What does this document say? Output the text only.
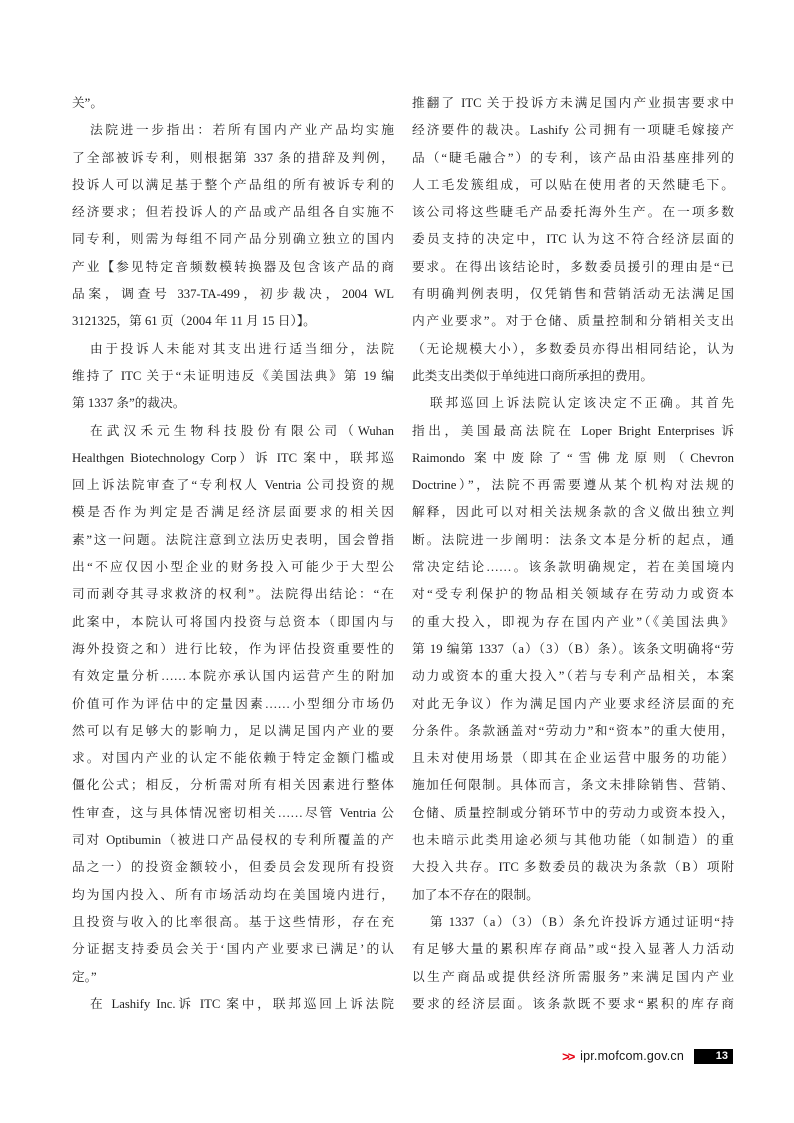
关”。
法院进一步指出：若所有国内产业产品均实施
了全部被诉专利，则根据第 337 条的措辞及判例，
投诉人可以满足基于整个产品组的所有被诉专利的
经济要求；但若投诉人的产品或产品组各自实施不
同专利，则需为每组不同产品分别确立独立的国内
产业【参见特定音频数模转换器及包含该产品的商
品案，调查号 337-TA-499，初步裁决，2004 WL
3121325，第 61 页（2004 年 11 月 15 日）】。
由于投诉人未能对其支出进行适当细分，法院
维持了 ITC 关于“未证明违反《美国法典》第 19 编
第 1337 条”的裁决。
在武汉禾元生物科技股份有限公司（Wuhan
Healthgen Biotechnology Corp）诉 ITC 案中，联邦巡
回上诉法院审查了“专利权人 Ventria 公司投资的规
模是否作为判定是否满足经济层面要求的相关因
素”这一问题。法院注意到立法历史表明，国会曾指
出“不应仅因小型企业的财务投入可能少于大型公
司而剥夺其寻求救济的权利”。法院得出结论：“在
此案中，本院认可将国内投资与总资本（即国内与
海外投资之和）进行比较，作为评估投资重要性的
有效定量分析……本院亦承认国内运营产生的附加
价值可作为评估中的定量因素……小型细分市场仍
然可以有足够大的影响力，足以满足国内产业的要
求。对国内产业的认定不能依赖于特定金额门槛或
僵化公式；相反，分析需对所有相关因素进行整体
性审查，这与具体情况密切相关……尽管 Ventria 公
司对 Optibumin（被进口产品侵权的专利所覆盖的产
品之一）的投资金额较小，但委员会发现所有投资
均为国内投入、所有市场活动均在美国境内进行，
且投资与收入的比率很高。基于这些情形，存在充
分证据支持委员会关于‘国内产业要求已满足’的认
定。”
在 Lashify Inc.诉 ITC 案中，联邦巡回上诉法院
推翻了 ITC 关于投诉方未满足国内产业损害要求中
经济要件的裁决。Lashify 公司拥有一项睫毛嫁接产
品（“睫毛融合”）的专利，该产品由沿基座排列的
人工毛发簇组成，可以贴在使用者的天然睫毛下。
该公司将这些睫毛产品委托海外生产。在一项多数
委员支持的决定中，ITC 认为这不符合经济层面的
要求。在得出该结论时，多数委员援引的理由是“已
有明确判例表明，仅凭销售和营销活动无法满足国
内产业要求”。对于仓储、质量控制和分销相关支出
（无论规模大小），多数委员亦得出相同结论，认为
此类支出类似于单纯进口商所承担的费用。
联邦巡回上诉法院认定该决定不正确。其首先
指出，美国最高法院在 Loper Bright Enterprises 诉
Raimondo 案中废除了“雪佛龙原则（Chevron
Doctrine）”，法院不再需要遵从某个机构对法规的
解释，因此可以对相关法规条款的含义做出独立判
断。法院进一步阐明：法条文本是分析的起点，通
常决定结论……。该条款明确规定，若在美国境内
对“受专利保护的物品相关领域存在劳动力或资本
的重大投入，即视为存在国内产业”（《美国法典》
第 19 编第 1337（a）（3）（B）条）。该条文明确将“劳
动力或资本的重大投入”（若与专利产品相关，本案
对此无争议）作为满足国内产业要求经济层面的充
分条件。条款涵盖对“劳动力”和“资本”的重大使用，
且未对使用场景（即其在企业运营中服务的功能）
施加任何限制。具体而言，条文未排除销售、营销、
仓储、质量控制或分销环节中的劳动力或资本投入，
也未暗示此类用途必须与其他功能（如制造）的重
大投入共存。ITC 多数委员的裁决为条款（B）项附
加了本不存在的限制。
第 1337（a）（3）（B）条允许投诉方通过证明“持
有足够大量的累积库存商品”或“投入显著人力活动
以生产商品或提供经济所需服务”来满足国内产业
要求的经济层面。该条款既不要求“累积的库存商
>> ipr.mofcom.gov.cn	13
